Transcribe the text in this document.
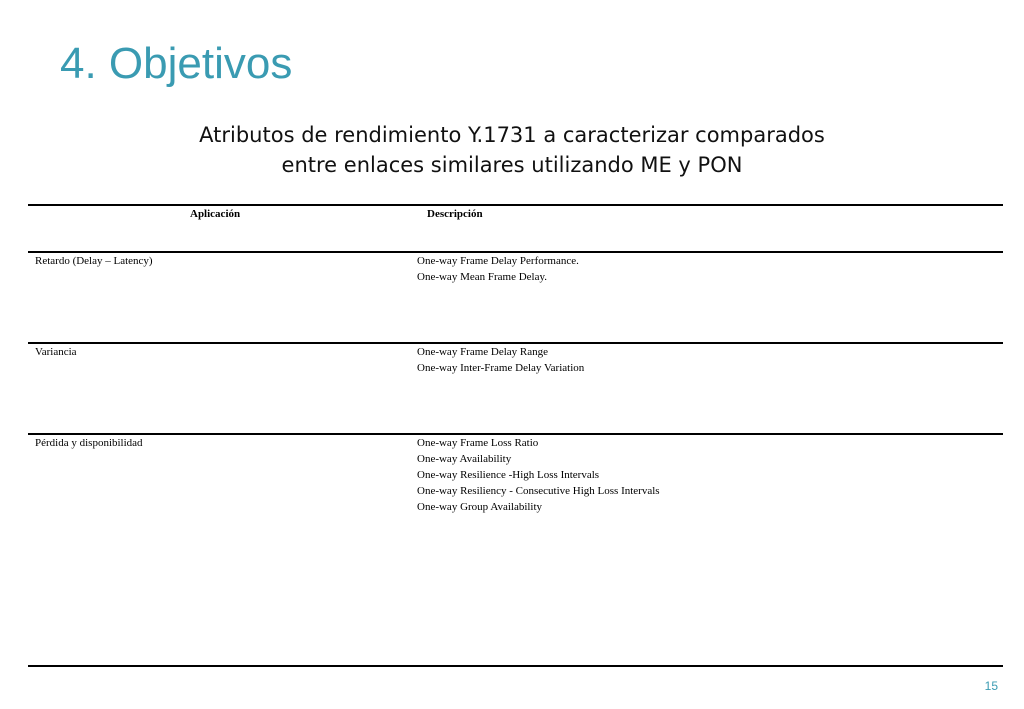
4. Objetivos
Atributos de rendimiento Y.1731 a caracterizar comparados
entre enlaces similares utilizando ME y PON
Aplicación	Descripción
Retardo (Delay – Latency)	One-way Frame Delay Performance.
One-way Mean Frame Delay.
Variancia	One-way Frame Delay Range
One-way Inter-Frame Delay Variation
Pérdida y disponibilidad	One-way Frame Loss Ratio
One-way Availability
One-way Resilience -High Loss Intervals
One-way Resiliency - Consecutive High Loss Intervals
One-way Group Availability
15
